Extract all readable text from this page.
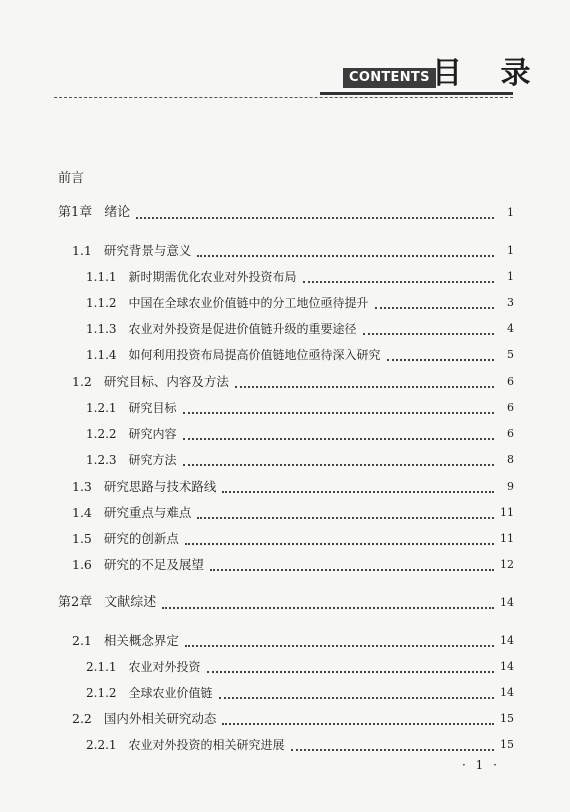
CONTENTS 目 录
前言
第1章 绪论	1
1.1 研究背景与意义	1
1.1.1 新时期需优化农业对外投资布局	1
1.1.2 中国在全球农业价值链中的分工地位亟待提升	3
1.1.3 农业对外投资是促进价值链升级的重要途径	4
1.1.4 如何利用投资布局提高价值链地位亟待深入研究	5
1.2 研究目标、内容及方法	6
1.2.1 研究目标	6
1.2.2 研究内容	6
1.2.3 研究方法	8
1.3 研究思路与技术路线	9
1.4 研究重点与难点	11
1.5 研究的创新点	11
1.6 研究的不足及展望	12
第2章 文献综述	14
2.1 相关概念界定	14
2.1.1 农业对外投资	14
2.1.2 全球农业价值链	14
2.2 国内外相关研究动态	15
2.2.1 农业对外投资的相关研究进展	15
· 1 ·
